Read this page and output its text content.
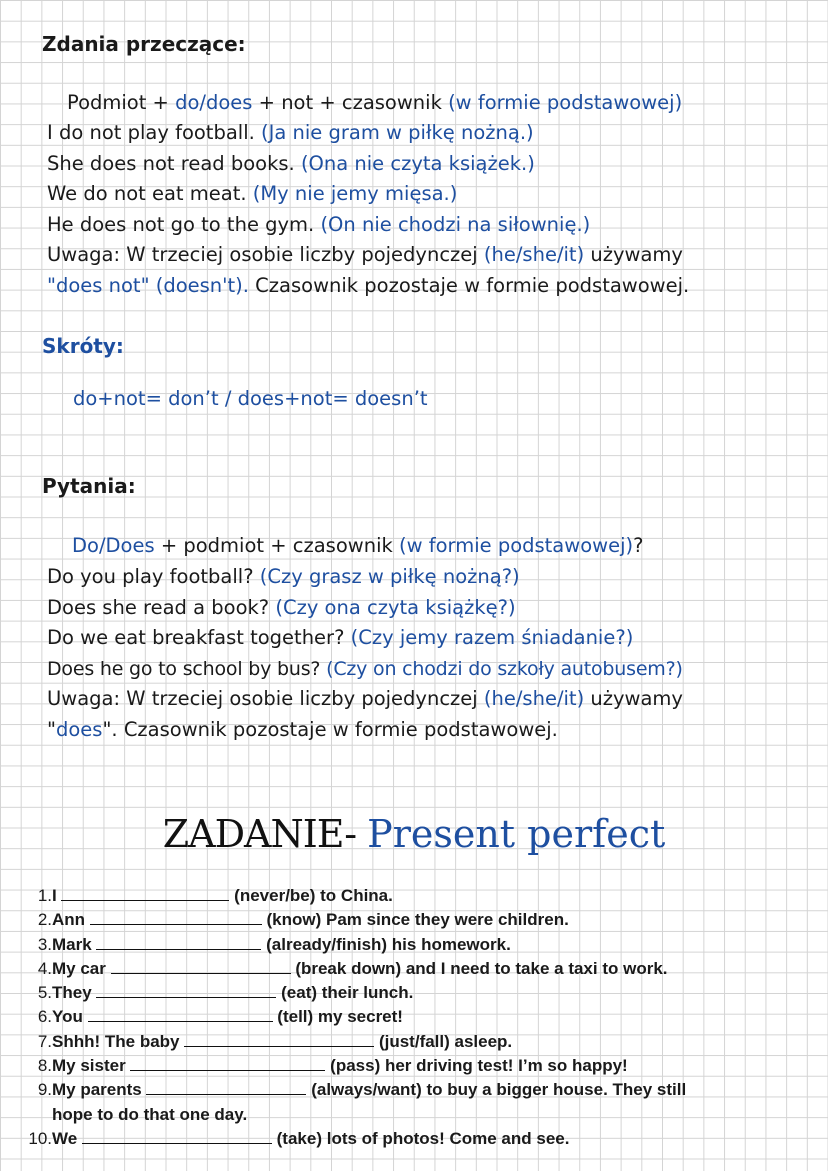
Zdania przeczące:
Podmiot + do/does + not + czasownik (w formie podstawowej)
I do not play football. (Ja nie gram w piłkę nożną.)
She does not read books. (Ona nie czyta książek.)
We do not eat meat. (My nie jemy mięsa.)
He does not go to the gym. (On nie chodzi na siłownię.)
Uwaga: W trzeciej osobie liczby pojedynczej (he/she/it) używamy
"does not" (doesn't). Czasownik pozostaje w formie podstawowej.
Skróty:
do+not= don’t / does+not= doesn’t
Pytania:
Do/Does + podmiot + czasownik (w formie podstawowej)?
Do you play football? (Czy grasz w piłkę nożną?)
Does she read a book? (Czy ona czyta książkę?)
Do we eat breakfast together? (Czy jemy razem śniadanie?)
Does he go to school by bus? (Czy on chodzi do szkoły autobusem?)
Uwaga: W trzeciej osobie liczby pojedynczej (he/she/it) używamy
"does". Czasownik pozostaje w formie podstawowej.
ZADANIE- Present perfect
1. I	(never/be) to China.
2. Ann	(know) Pam since they were children.
3. Mark	(already/finish) his homework.
4. My car	(break down) and I need to take a taxi to work.
5. They	(eat) their lunch.
6. You	(tell) my secret!
7. Shhh! The baby	(just/fall) asleep.
8. My sister	(pass) her driving test! I’m so happy!
9. My parents	(always/want) to buy a bigger house. They still
hope to do that one day.
10. We	(take) lots of photos! Come and see.
